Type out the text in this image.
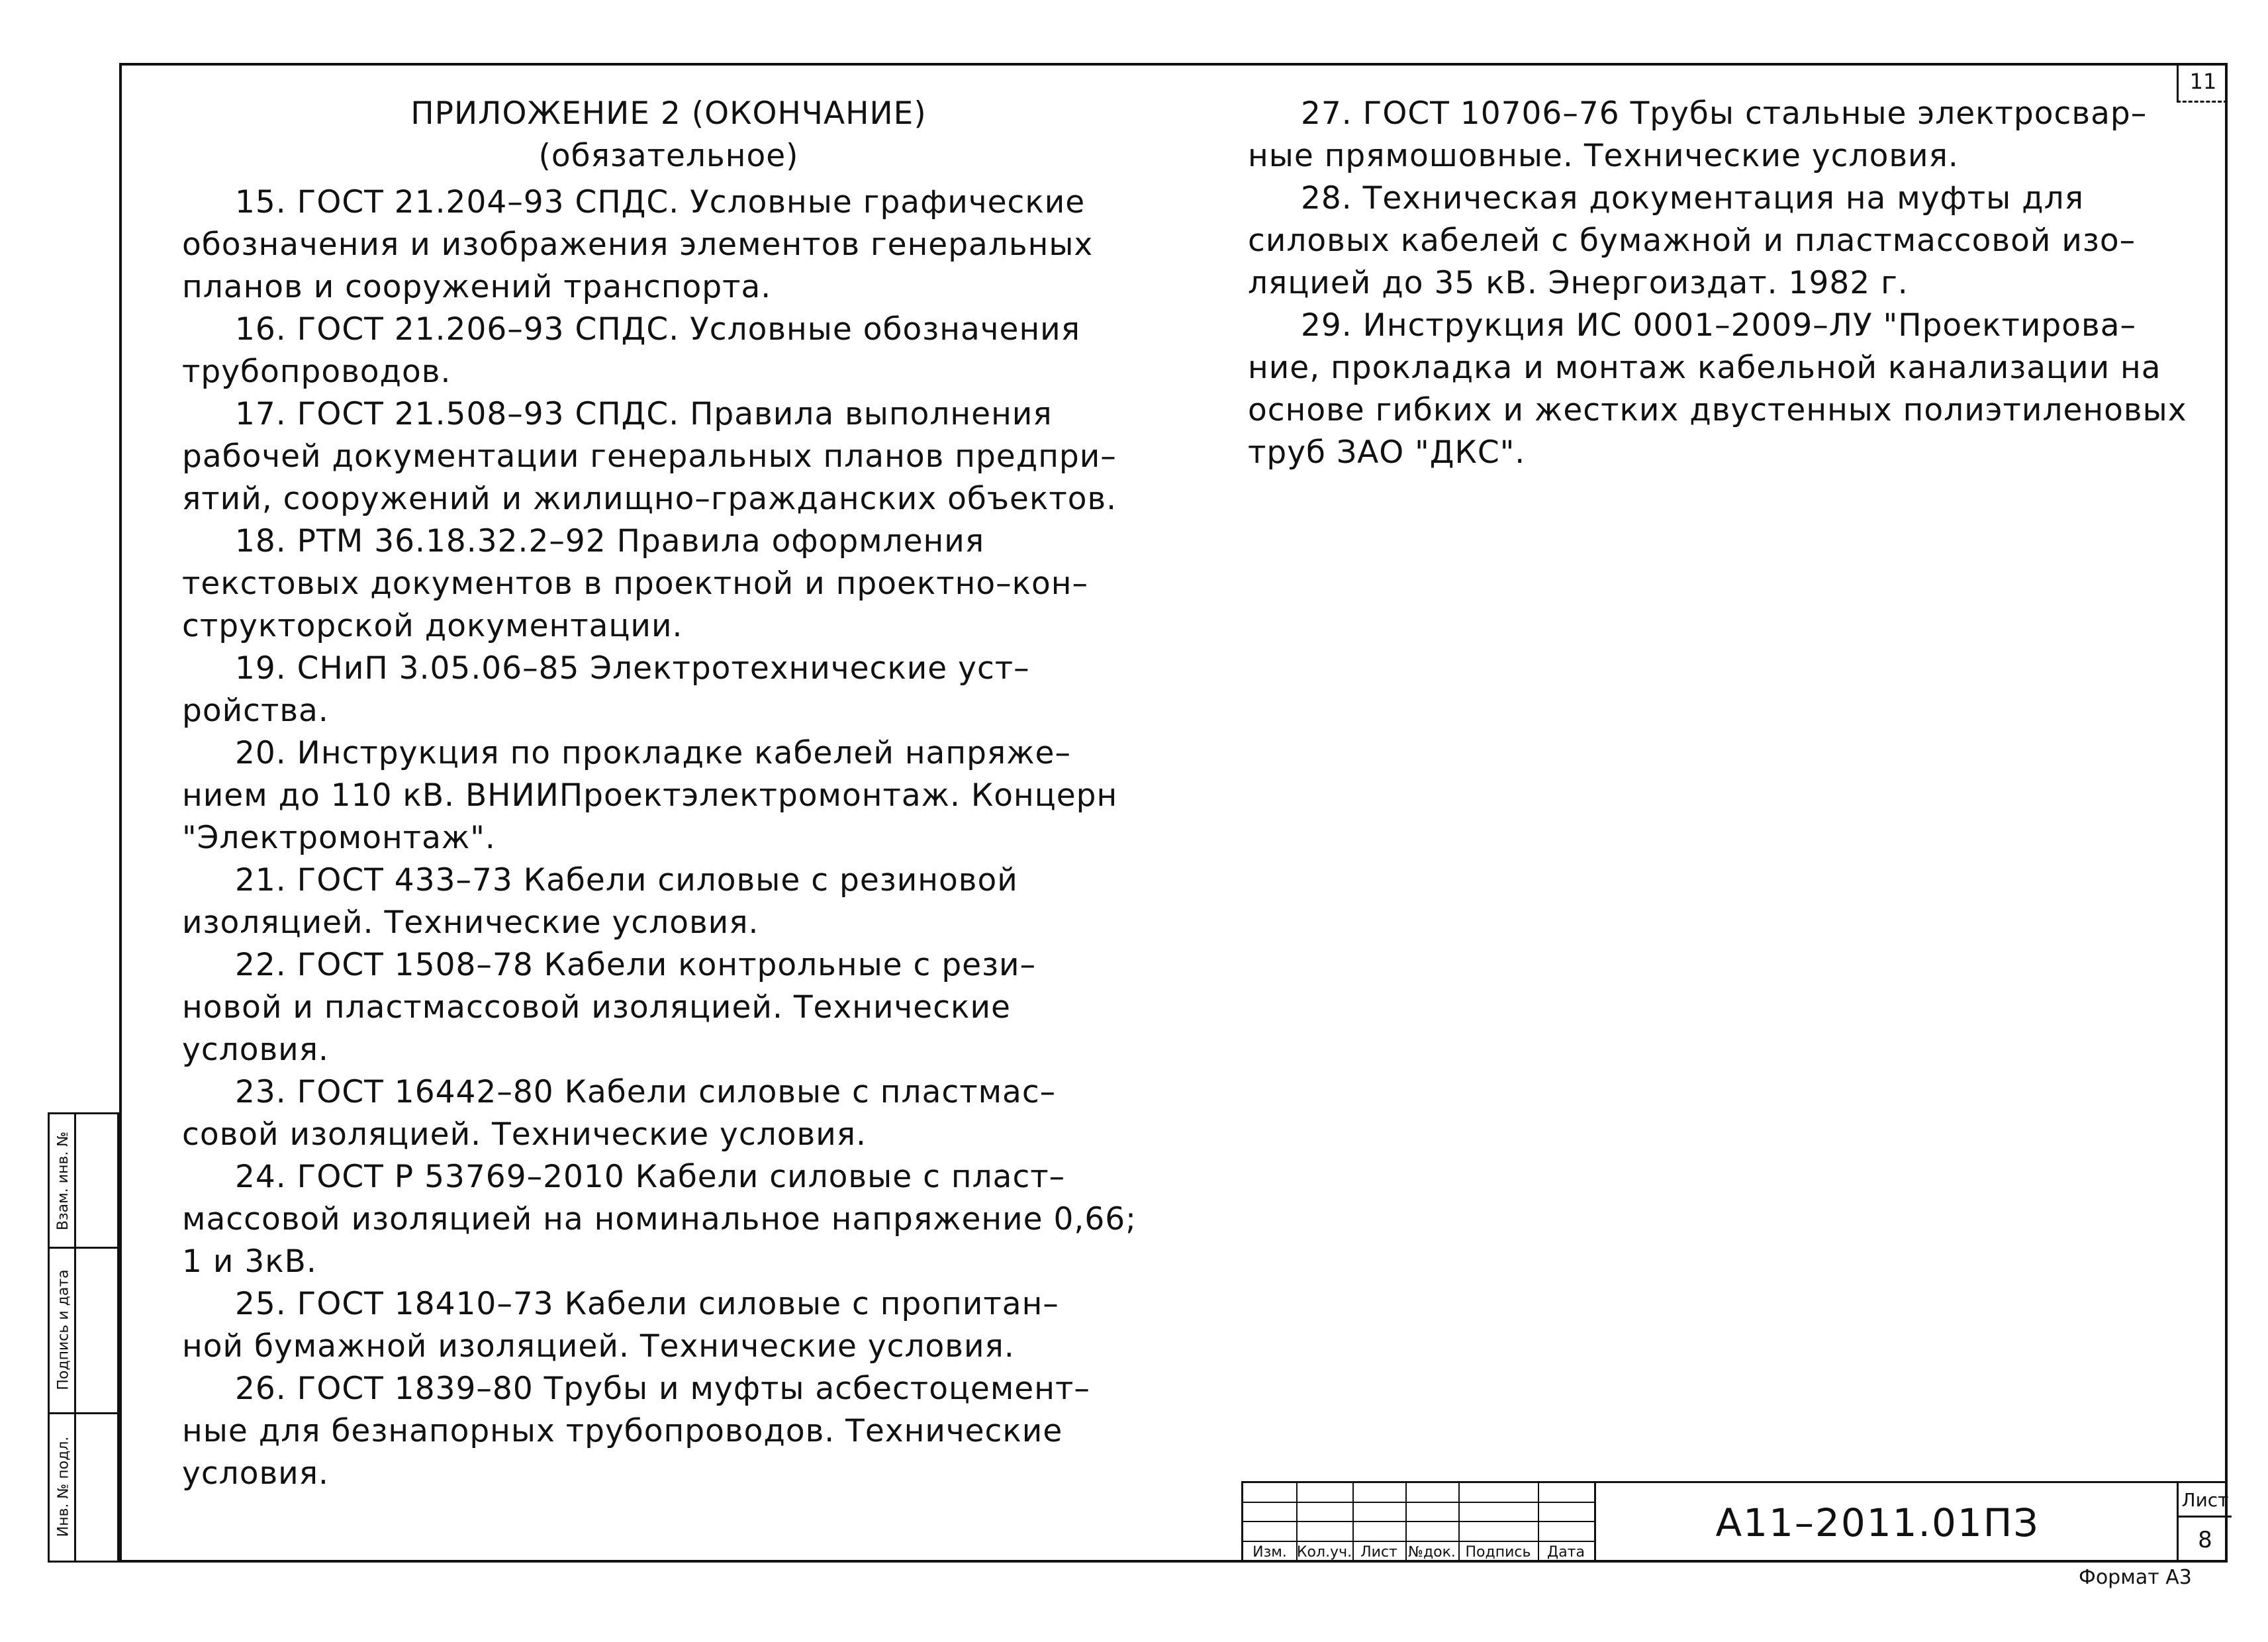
11
ПРИЛОЖЕНИЕ 2 (ОКОНЧАНИЕ)
(обязательное)

15. ГОСТ 21.204–93 СПДС. Условные графические

обозначения и изображения элементов генеральных

планов и сооружений транспорта.

16. ГОСТ 21.206–93 СПДС. Условные обозначения

трубопроводов.

17. ГОСТ 21.508–93 СПДС. Правила выполнения

рабочей документации генеральных планов предпри–

ятий, сооружений и жилищно–гражданских объектов.

18. РТМ 36.18.32.2–92 Правила оформления

текстовых документов в проектной и проектно–кон–

структорской документации.

19. СНиП 3.05.06–85 Электротехнические уст–

ройства.

20. Инструкция по прокладке кабелей напряже–

нием до 110 кВ. ВНИИПроектэлектромонтаж. Концерн

"Электромонтаж".

21. ГОСТ 433–73 Кабели силовые с резиновой

изоляцией. Технические условия.

22. ГОСТ 1508–78 Кабели контрольные с рези–

новой и пластмассовой изоляцией. Технические

условия.

23. ГОСТ 16442–80 Кабели силовые с пластмас–

совой изоляцией. Технические условия.

24. ГОСТ Р 53769–2010 Кабели силовые с пласт–

массовой изоляцией на номинальное напряжение 0,66;

1 и 3кВ.

25. ГОСТ 18410–73 Кабели силовые с пропитан–

ной бумажной изоляцией. Технические условия.

26. ГОСТ 1839–80 Трубы и муфты асбестоцемент–

ные для безнапорных трубопроводов. Технические

условия.

27. ГОСТ 10706–76 Трубы стальные электросвар–

ные прямошовные. Технические условия.

28. Техническая документация на муфты для

силовых кабелей с бумажной и пластмассовой изо–

ляцией до 35 кВ. Энергоиздат. 1982 г.

29. Инструкция ИС 0001–2009–ЛУ "Проектирова–

ние, прокладка и монтаж кабельной канализации на

основе гибких и жестких двустенных полиэтиленовых

труб ЗАО "ДКС".

Взам. инв. №
Подпись и дата
Инв. № подл.
Изм. Кол.уч. Лист №док. Подпись	Дата
А11–2011.01ПЗ
Лист
8
Формат А3
